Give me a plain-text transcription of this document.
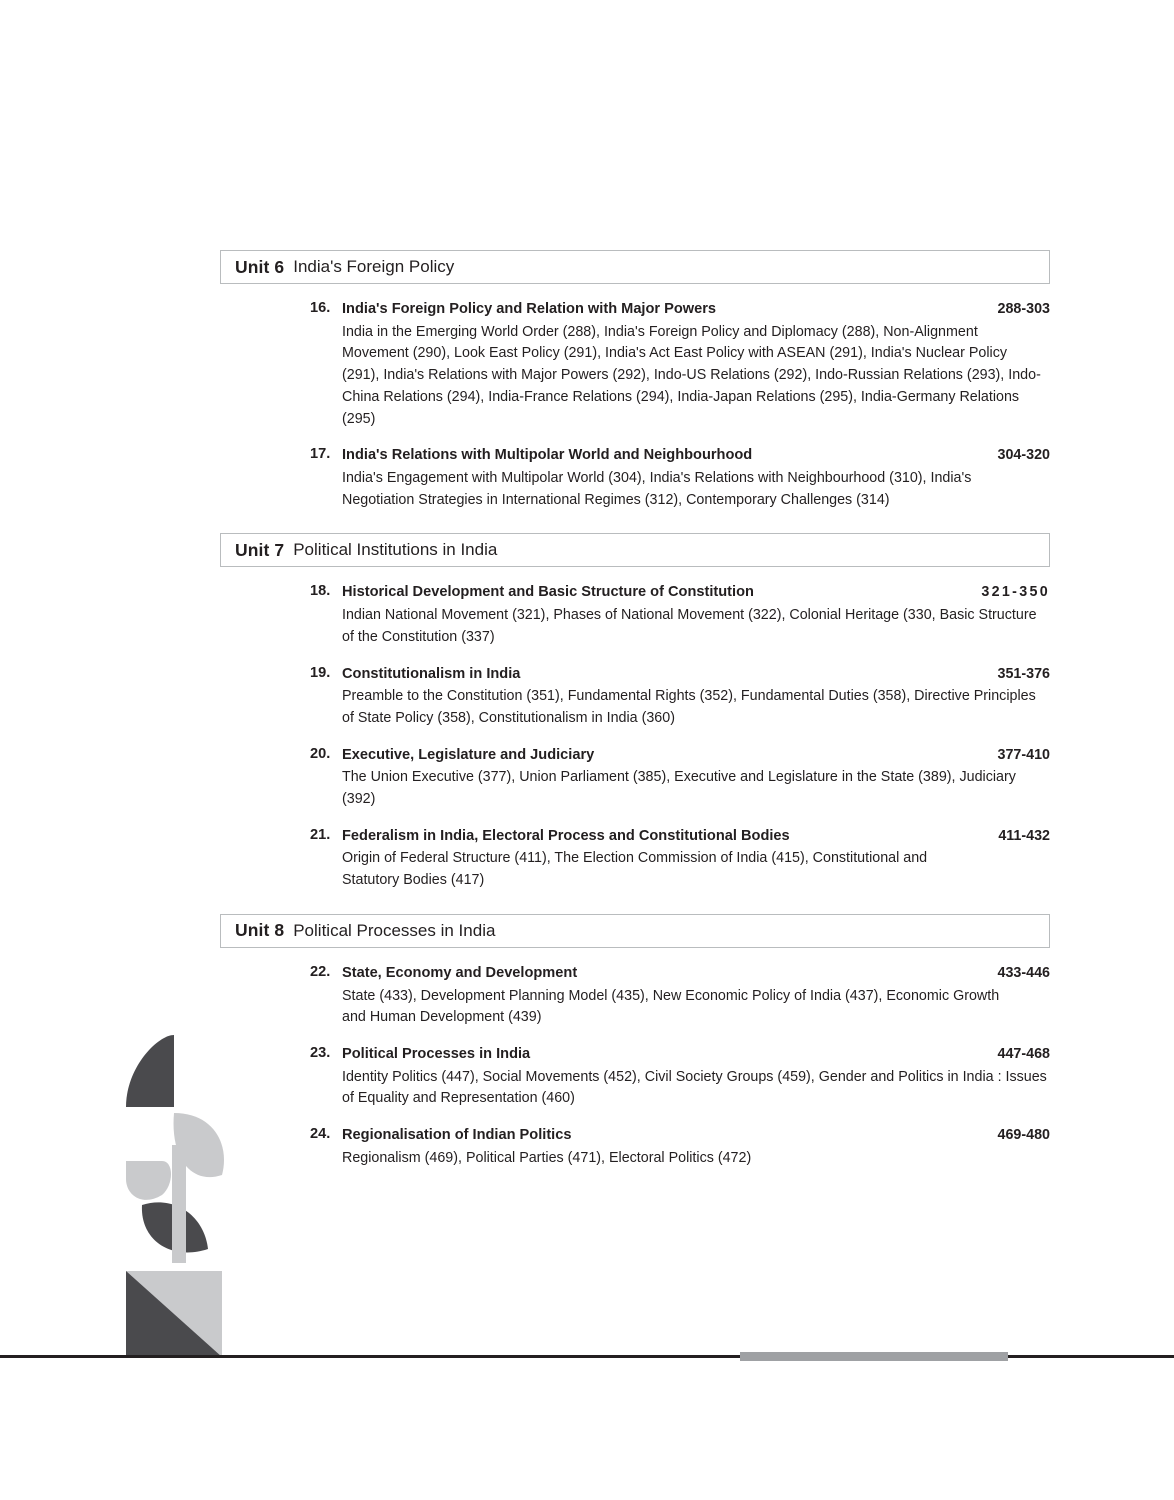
Unit 6 India's Foreign Policy
16. India's Foreign Policy and Relation with Major Powers	288-303
India in the Emerging World Order (288), India's Foreign Policy and Diplomacy (288), Non-Alignment Movement (290), Look East Policy (291), India's Act East Policy with ASEAN (291), India's Nuclear Policy (291), India's Relations with Major Powers (292), Indo-US Relations (292), Indo-Russian Relations (293), Indo-China Relations (294), India-France Relations (294), India-Japan Relations (295), India-Germany Relations (295)
17. India's Relations with Multipolar World and Neighbourhood	304-320
India's Engagement with Multipolar World (304), India's Relations with Neighbourhood (310), India's Negotiation Strategies in International Regimes (312), Contemporary Challenges (314)
Unit 7 Political Institutions in India
18. Historical Development and Basic Structure of Constitution	321-350
Indian National Movement (321), Phases of National Movement (322), Colonial Heritage (330, Basic Structure of the Constitution (337)
19. Constitutionalism in India	351-376
Preamble to the Constitution (351), Fundamental Rights (352), Fundamental Duties (358), Directive Principles of State Policy (358), Constitutionalism in India (360)
20. Executive, Legislature and Judiciary	377-410
The Union Executive (377), Union Parliament (385), Executive and Legislature in the State (389), Judiciary (392)
21. Federalism in India, Electoral Process and Constitutional Bodies	411-432
Origin of Federal Structure (411), The Election Commission of India (415), Constitutional and Statutory Bodies (417)
Unit 8 Political Processes in India
22. State, Economy and Development	433-446
State (433), Development Planning Model (435), New Economic Policy of India (437), Economic Growth and Human Development (439)
23. Political Processes in India	447-468
Identity Politics (447), Social Movements (452), Civil Society Groups (459), Gender and Politics in India : Issues of Equality and Representation (460)
24. Regionalisation of Indian Politics	469-480
Regionalism (469), Political Parties (471), Electoral Politics (472)
